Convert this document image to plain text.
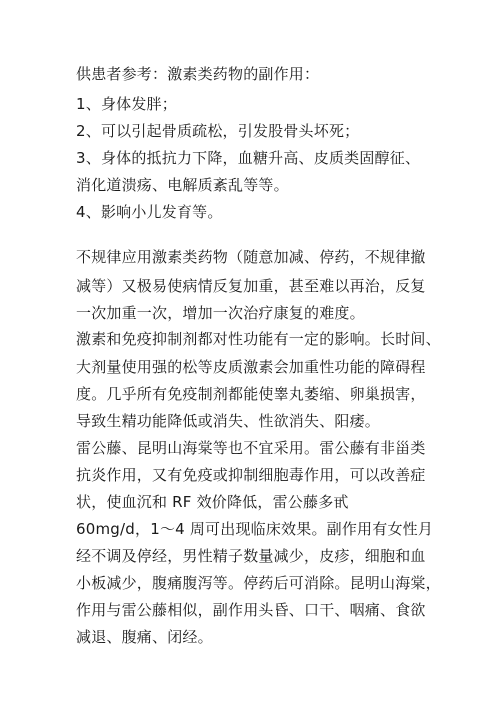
供患者参考：激素类药物的副作用：
1、身体发胖；
2、可以引起骨质疏松，引发股骨头坏死；
3、身体的抵抗力下降，血糖升高、皮质类固醇征、
消化道溃疡、电解质紊乱等等。
4、影响小儿发育等。
不规律应用激素类药物（随意加减、停药，不规律撤
减等）又极易使病情反复加重，甚至难以再治，反复
一次加重一次，增加一次治疗康复的难度。
激素和免疫抑制剂都对性功能有一定的影响。长时间、
大剂量使用强的松等皮质激素会加重性功能的障碍程
度。几乎所有免疫制剂都能使睾丸萎缩、卵巢损害，
导致生精功能降低或消失、性欲消失、阳痿。
雷公藤、昆明山海棠等也不宜采用。雷公藤有非甾类
抗炎作用，又有免疫或抑制细胞毒作用，可以改善症
状，使血沉和 RF 效价降低，雷公藤多甙
60mg/d，1～4 周可出现临床效果。副作用有女性月
经不调及停经，男性精子数量减少，皮疹，细胞和血
小板减少，腹痛腹泻等。停药后可消除。昆明山海棠，
作用与雷公藤相似，副作用头昏、口干、咽痛、食欲
减退、腹痛、闭经。
